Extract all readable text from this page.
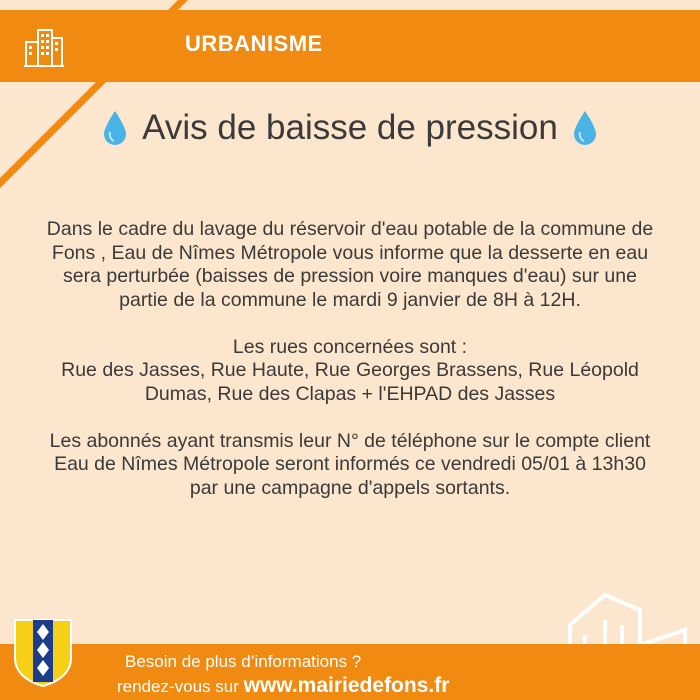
URBANISME
Avis de baisse de pression

Dans le cadre du lavage du réservoir d'eau potable de la commune de Fons , Eau de Nîmes Métropole vous informe que la desserte en eau sera perturbée (baisses de pression voire manques d'eau) sur une partie de la commune le mardi 9 janvier de 8H à 12H.

Les rues concernées sont :

Rue des Jasses, Rue Haute, Rue Georges Brassens, Rue Léopold Dumas, Rue des Clapas + l'EHPAD des Jasses

Les abonnés ayant transmis leur N° de téléphone sur le compte client Eau de Nîmes Métropole seront informés ce vendredi 05/01 à 13h30 par une campagne d'appels sortants.

Besoin de plus d’informations ?
rendez-vous sur www.mairiedefons.fr
